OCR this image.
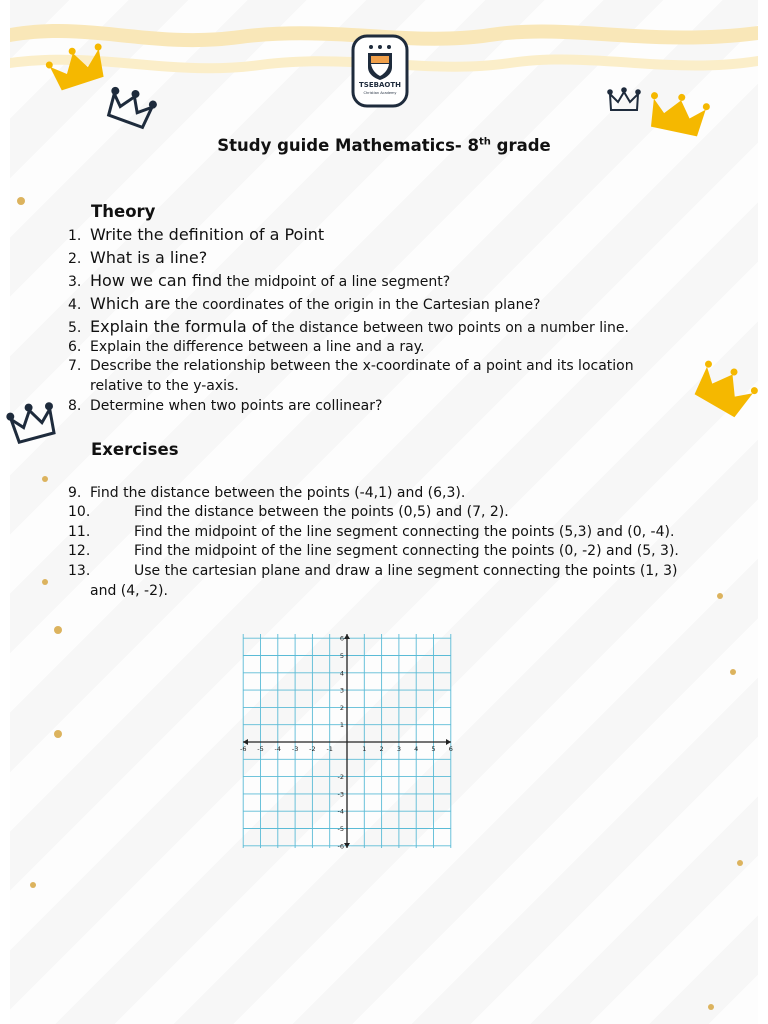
TSEBAOTH
Christian Academy
Study guide Mathematics- 8th grade
Theory
1. Write the definition of a Point
2. What is a line?
3. How we can find the midpoint of a line segment?
4. Which are the coordinates of the origin in the Cartesian plane?
5. Explain the formula of the distance between two points on a number line.
6. Explain the difference between a line and a ray.
7. Describe the relationship between the x-coordinate of a point and its location
relative to the y-axis.
8. Determine when two points are collinear?
Exercises
9. Find the distance between the points (-4,1) and (6,3).
10.	Find the distance between the points (0,5) and (7, 2).
11.	Find the midpoint of the line segment connecting the points (5,3) and (0, -4).
12.	Find the midpoint of the line segment connecting the points (0, -2) and (5, 3).
13.	Use the cartesian plane and draw a line segment connecting the points (1, 3)
and (4, -2).
-6 -5 -4 -3 -2 -1	1 2 3 4 5 6
6
5
4
3
2
1
-2
-3
-4
-5
-6
